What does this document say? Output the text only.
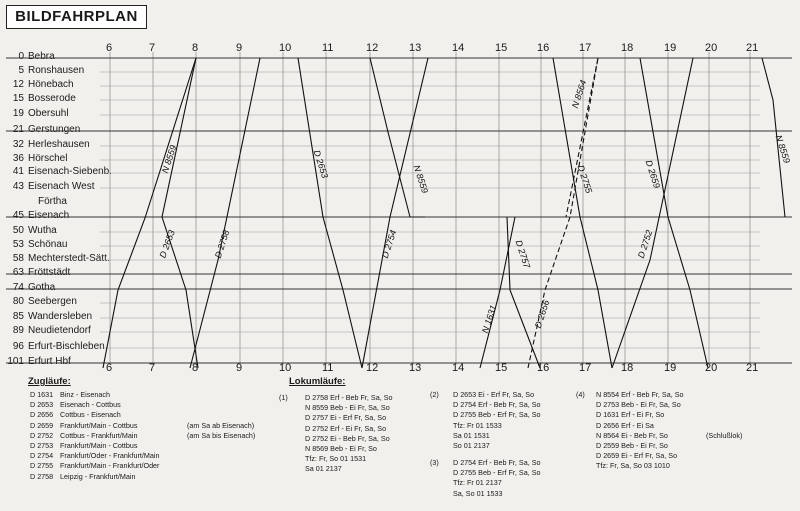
BILDFAHRPLAN
6	7	8	9	10	11	12	13	14	15	16	17	18	19	20	21
6	7	8	9	10	11	12	13	14	15	16	17	18	19	20	21
0 Bebra
5 Ronshausen
12 Hönebach
15 Bosserode
19 Obersuhl
21 Gerstungen
32 Herleshausen
36 Hörschel
41 Eisenach-Siebenb.
43 Eisenach West
Förtha
45 Eisenach
50 Wutha
53 Schönau
58 Mechterstedt-Sätt.
63 Fröttstädt
74 Gotha
80 Seebergen
85 Wandersleben
89 Neudietendorf
96 Erfurt-Bischleben
101 Erfurt Hbf
N 8559
D 2653	D 2758
D 2653	N 8559
D 2754	D 2757
N 1631	D 2656
D 2755
N 8564
D 2659
D 2752
N 8559
Zugläufe:
D 1631 Binz - Eisenach
D 2653 Eisenach - Cottbus
D 2656 Cottbus - Eisenach
D 2659 Frankfurt/Main - Cottbus	(am Sa ab Eisenach)
D 2752 Cottbus - Frankfurt/Main	(am Sa bis Eisenach)
D 2753 Frankfurt/Main - Cottbus
D 2754 Frankfurt/Oder - Frankfurt/Main
D 2755 Frankfurt/Main - Frankfurt/Oder
D 2758 Leipzig - Frankfurt/Main
Lokumläufe:
(1) D 2758 Erf - Beb Fr, Sa, So
N 8559 Beb - Ei Fr, Sa, So
D 2757 Ei - Erf Fr, Sa, So
D 2752 Erf - Ei Fr, Sa, So
D 2752 Ei - Beb Fr, Sa, So
N 8569 Beb - Ei Fr, So
Tfz: Fr, So 01 1531
Sa 01 2137
(2) D 2653 Ei - Erf Fr, Sa, So
D 2754 Erf - Beb Fr, Sa, So
D 2755 Beb - Erf Fr, Sa, So
Tfz: Fr 01 1533
Sa 01 1531
So 01 2137
(3) D 2754 Erf - Beb Fr, Sa, So
D 2755 Beb - Erf Fr, Sa, So
Tfz: Fr 01 2137
Sa, So 01 1533
(4) N 8554 Erf - Beb Fr, Sa, So
D 2753 Beb - Ei Fr, Sa, So
D 1631 Erf - Ei Fr, So
D 2656 Erf - Ei Sa
N 8564 Ei - Beb Fr, So
D 2559 Beb - Ei Fr, So
D 2659 Ei - Erf Fr, Sa, So
Tfz: Fr, Sa, So 03 1010
(Schlußlok)
